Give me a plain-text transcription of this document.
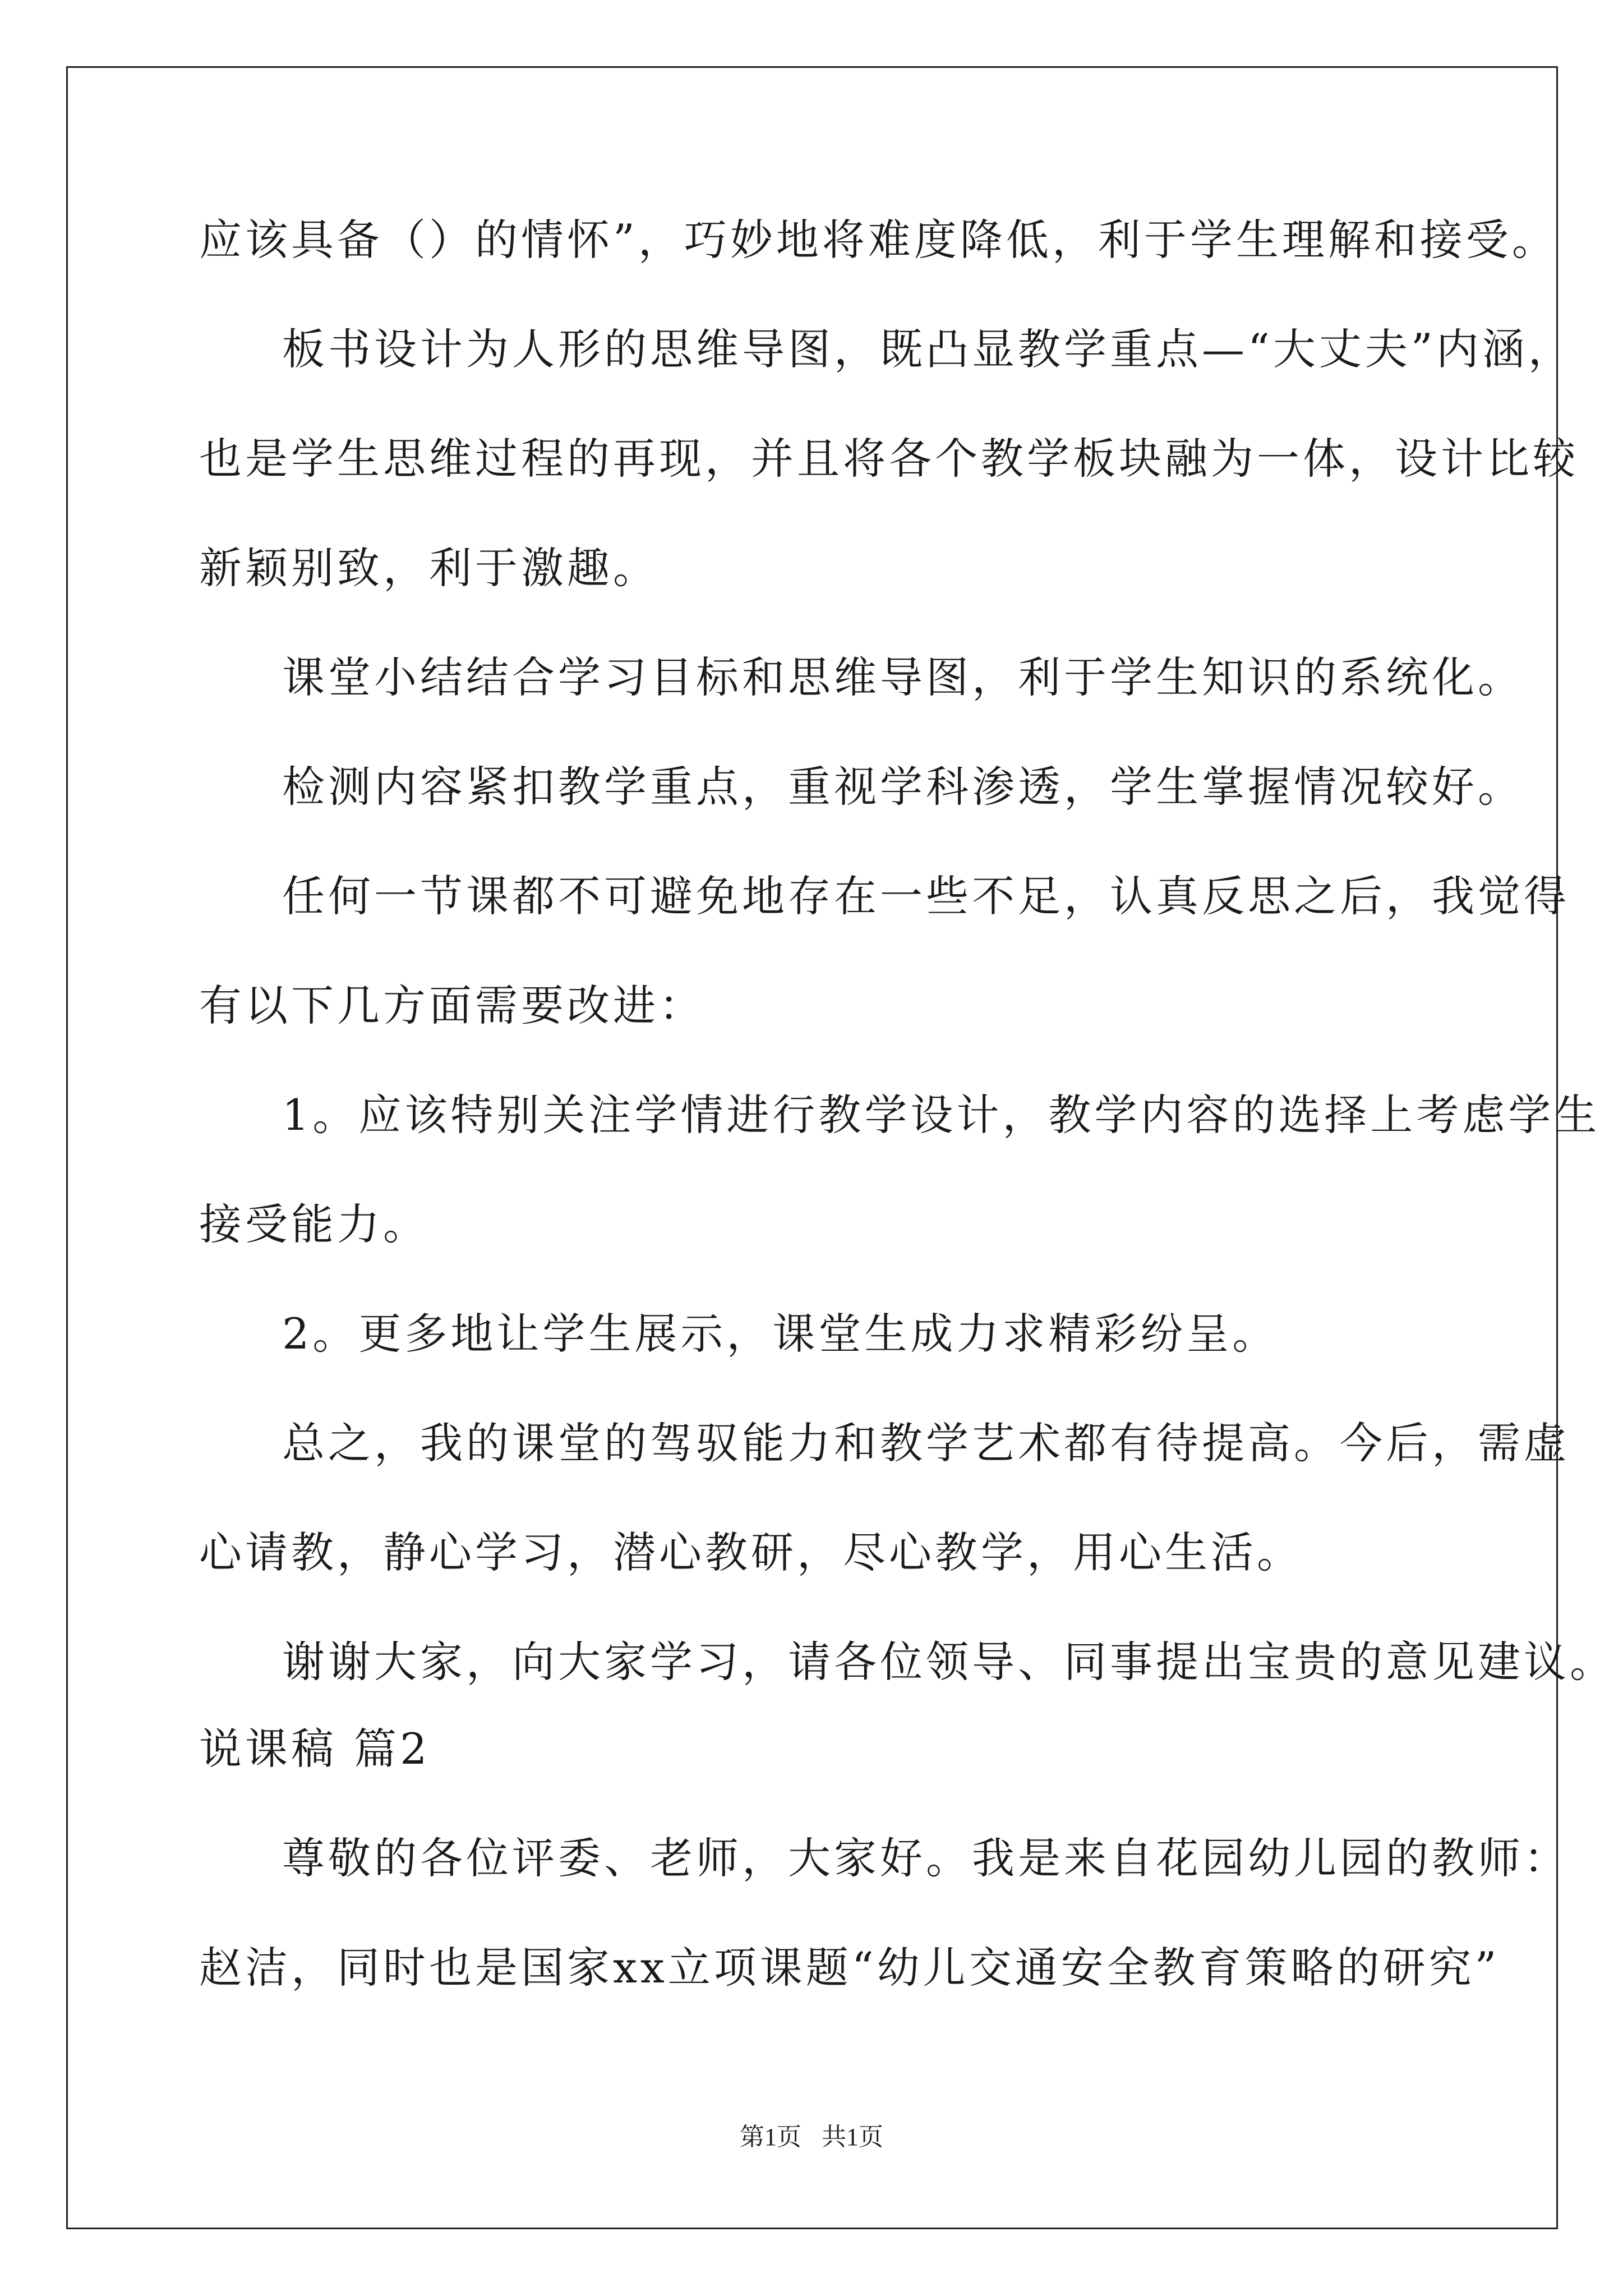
应该具备（）的情怀”，巧妙地将难度降低，利于学生理解和接受。
板书设计为人形的思维导图，既凸显教学重点—“大丈夫”内涵，
也是学生思维过程的再现，并且将各个教学板块融为一体，设计比较
新颖别致，利于激趣。
课堂小结结合学习目标和思维导图，利于学生知识的系统化。
检测内容紧扣教学重点，重视学科渗透，学生掌握情况较好。
任何一节课都不可避免地存在一些不足，认真反思之后，我觉得
有以下几方面需要改进：
1。应该特别关注学情进行教学设计，教学内容的选择上考虑学生
接受能力。
2。更多地让学生展示，课堂生成力求精彩纷呈。
总之，我的课堂的驾驭能力和教学艺术都有待提高。今后，需虚
心请教，静心学习，潜心教研，尽心教学，用心生活。
谢谢大家，向大家学习，请各位领导、同事提出宝贵的意见建议。
说课稿 篇2
尊敬的各位评委、老师，大家好。我是来自花园幼儿园的教师：
赵洁，同时也是国家xx立项课题“幼儿交通安全教育策略的研究”
第1页 共1页
